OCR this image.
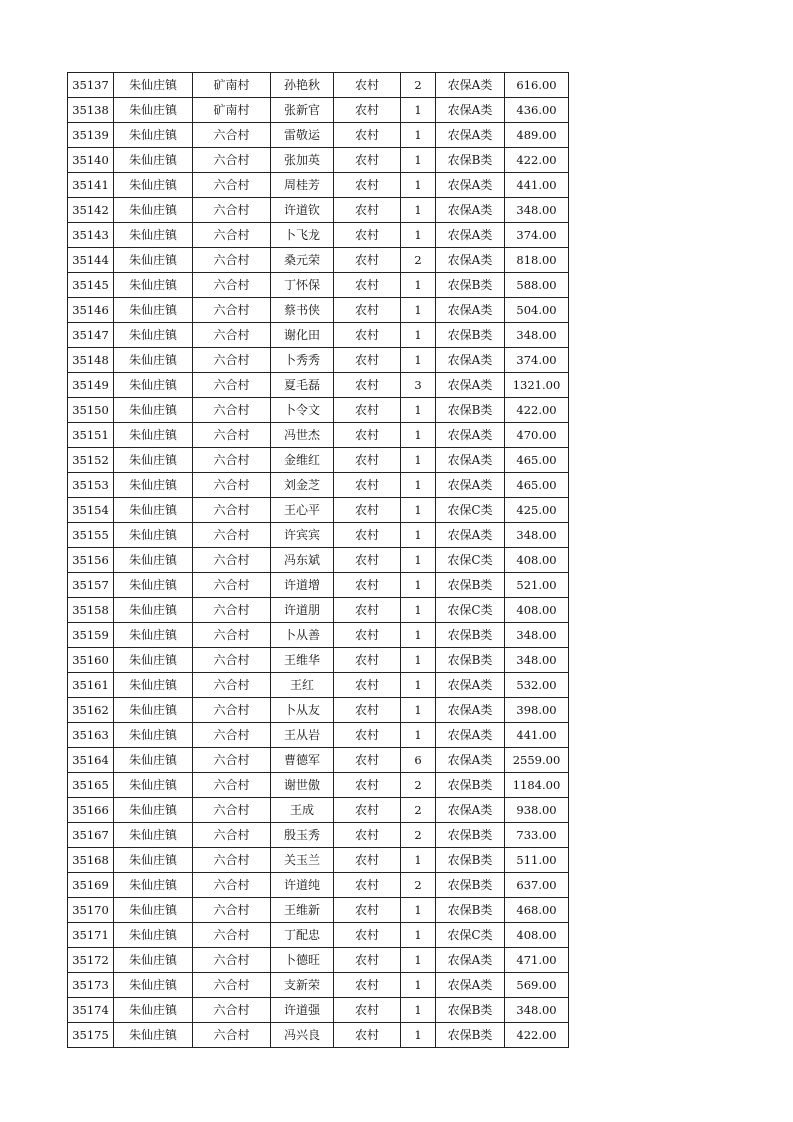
35137	朱仙庄镇	矿南村	孙艳秋	农村	2	农保A类	616.00
35138	朱仙庄镇	矿南村	张新官	农村	1	农保A类	436.00
35139	朱仙庄镇	六合村	雷敬运	农村	1	农保A类	489.00
35140	朱仙庄镇	六合村	张加英	农村	1	农保B类	422.00
35141	朱仙庄镇	六合村	周桂芳	农村	1	农保A类	441.00
35142	朱仙庄镇	六合村	许道钦	农村	1	农保A类	348.00
35143	朱仙庄镇	六合村	卜飞龙	农村	1	农保A类	374.00
35144	朱仙庄镇	六合村	桑元荣	农村	2	农保A类	818.00
35145	朱仙庄镇	六合村	丁怀保	农村	1	农保B类	588.00
35146	朱仙庄镇	六合村	蔡书侠	农村	1	农保A类	504.00
35147	朱仙庄镇	六合村	谢化田	农村	1	农保B类	348.00
35148	朱仙庄镇	六合村	卜秀秀	农村	1	农保A类	374.00
35149	朱仙庄镇	六合村	夏毛磊	农村	3	农保A类	1321.00
35150	朱仙庄镇	六合村	卜令文	农村	1	农保B类	422.00
35151	朱仙庄镇	六合村	冯世杰	农村	1	农保A类	470.00
35152	朱仙庄镇	六合村	金维红	农村	1	农保A类	465.00
35153	朱仙庄镇	六合村	刘金芝	农村	1	农保A类	465.00
35154	朱仙庄镇	六合村	王心平	农村	1	农保C类	425.00
35155	朱仙庄镇	六合村	许宾宾	农村	1	农保A类	348.00
35156	朱仙庄镇	六合村	冯东斌	农村	1	农保C类	408.00
35157	朱仙庄镇	六合村	许道增	农村	1	农保B类	521.00
35158	朱仙庄镇	六合村	许道朋	农村	1	农保C类	408.00
35159	朱仙庄镇	六合村	卜从善	农村	1	农保B类	348.00
35160	朱仙庄镇	六合村	王维华	农村	1	农保B类	348.00
35161	朱仙庄镇	六合村	王红	农村	1	农保A类	532.00
35162	朱仙庄镇	六合村	卜从友	农村	1	农保A类	398.00
35163	朱仙庄镇	六合村	王从岩	农村	1	农保A类	441.00
35164	朱仙庄镇	六合村	曹德军	农村	6	农保A类	2559.00
35165	朱仙庄镇	六合村	谢世傲	农村	2	农保B类	1184.00
35166	朱仙庄镇	六合村	王成	农村	2	农保A类	938.00
35167	朱仙庄镇	六合村	殷玉秀	农村	2	农保B类	733.00
35168	朱仙庄镇	六合村	关玉兰	农村	1	农保B类	511.00
35169	朱仙庄镇	六合村	许道纯	农村	2	农保B类	637.00
35170	朱仙庄镇	六合村	王维新	农村	1	农保B类	468.00
35171	朱仙庄镇	六合村	丁配忠	农村	1	农保C类	408.00
35172	朱仙庄镇	六合村	卜德旺	农村	1	农保A类	471.00
35173	朱仙庄镇	六合村	支新荣	农村	1	农保A类	569.00
35174	朱仙庄镇	六合村	许道强	农村	1	农保B类	348.00
35175	朱仙庄镇	六合村	冯兴良	农村	1	农保B类	422.00
